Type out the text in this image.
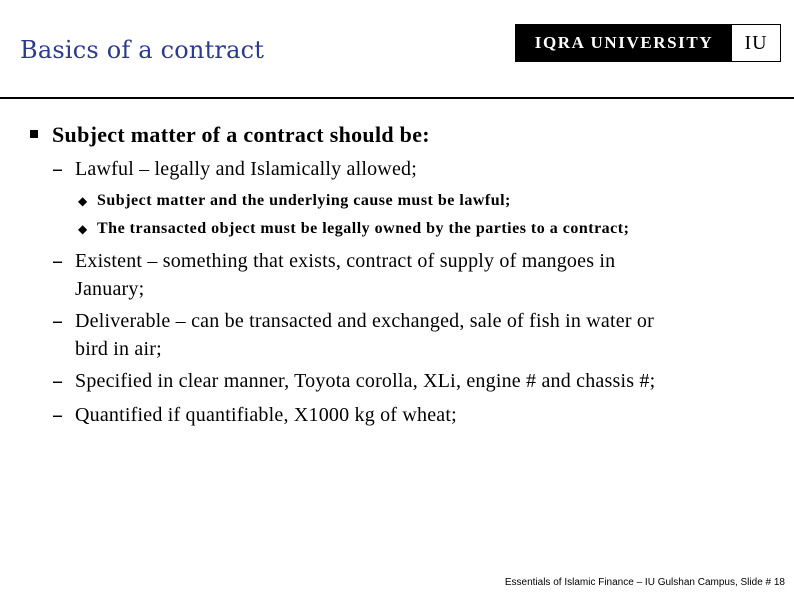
Basics of a contract	IQRA UNIVERSITY	IU
Subject matter of a contract should be:
– Lawful – legally and Islamically allowed;
◆ Subject matter and the underlying cause must be lawful;
◆ The transacted object must be legally owned by the parties to a contract;
– Existent – something that exists, contract of supply of mangoes in
January;
– Deliverable – can be transacted and exchanged, sale of fish in water or
bird in air;
– Specified in clear manner, Toyota corolla, XLi, engine # and chassis #;
– Quantified if quantifiable, X1000 kg of wheat;
Essentials of Islamic Finance – IU Gulshan Campus, Slide # 18
